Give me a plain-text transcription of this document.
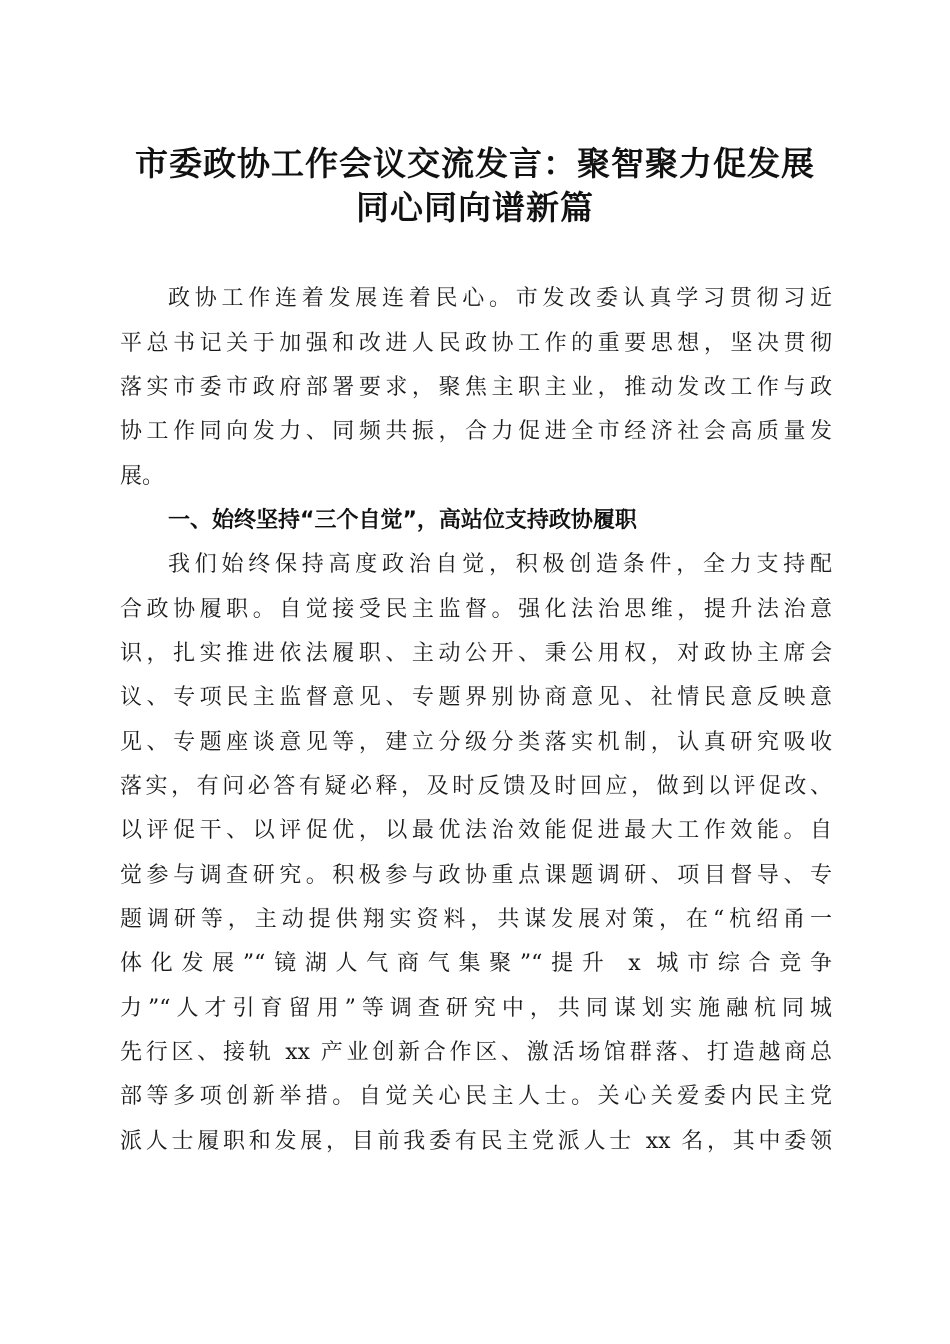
市委政协工作会议交流发言：聚智聚力促发展
同心同向谱新篇
政协工作连着发展连着民心。市发改委认真学习贯彻习近
平总书记关于加强和改进人民政协工作的重要思想，坚决贯彻
落实市委市政府部署要求，聚焦主职主业，推动发改工作与政
协工作同向发力、同频共振，合力促进全市经济社会高质量发
展。
一、始终坚持“三个自觉”，高站位支持政协履职
我们始终保持高度政治自觉，积极创造条件，全力支持配
合政协履职。自觉接受民主监督。强化法治思维，提升法治意
识，扎实推进依法履职、主动公开、秉公用权，对政协主席会
议、专项民主监督意见、专题界别协商意见、社情民意反映意
见、专题座谈意见等，建立分级分类落实机制，认真研究吸收
落实，有问必答有疑必释，及时反馈及时回应，做到以评促改、
以评促干、以评促优，以最优法治效能促进最大工作效能。自
觉参与调查研究。积极参与政协重点课题调研、项目督导、专
题调研等，主动提供翔实资料，共谋发展对策，在“杭绍甬一
体化发展”“镜湖人气商气集聚”“提升 x 城市综合竞争
力”“人才引育留用”等调查研究中，共同谋划实施融杭同城
先行区、接轨 xx 产业创新合作区、激活场馆群落、打造越商总
部等多项创新举措。自觉关心民主人士。关心关爱委内民主党
派人士履职和发展，目前我委有民主党派人士 xx 名，其中委领
